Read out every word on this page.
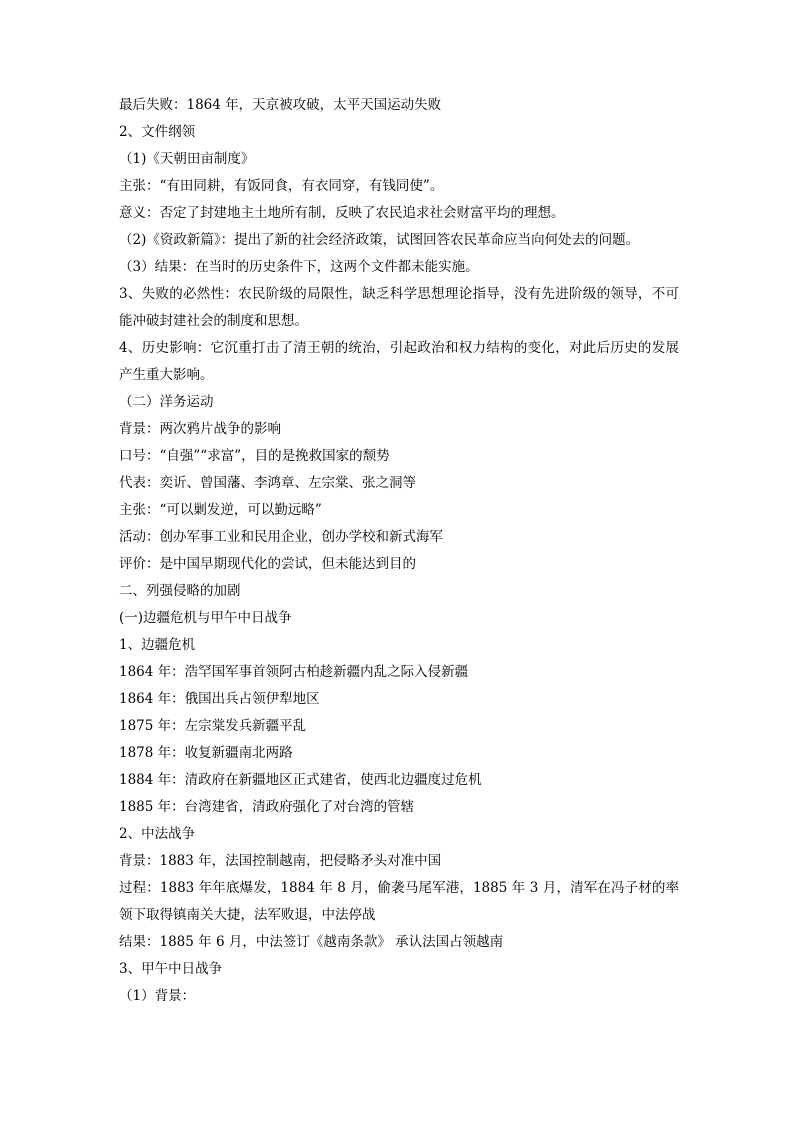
最后失败：1864 年，天京被攻破，太平天国运动失败
2、文件纲领
（1)《天朝田亩制度》
主张：“有田同耕，有饭同食，有衣同穿，有钱同使”。
意义：否定了封建地主土地所有制，反映了农民追求社会财富平均的理想。
（2)《资政新篇》：提出了新的社会经济政策，试图回答农民革命应当向何处去的问题。
（3）结果：在当时的历史条件下，这两个文件都未能实施。
3、失败的必然性：农民阶级的局限性，缺乏科学思想理论指导，没有先进阶级的领导，不可能冲破封建社会的制度和思想。
4、历史影响：它沉重打击了清王朝的统治，引起政治和权力结构的变化，对此后历史的发展产生重大影响。
（二）洋务运动
背景：两次鸦片战争的影响
口号：“自强”“求富”，目的是挽救国家的颓势
代表：奕䜣、曾国藩、李鸿章、左宗棠、张之洞等
主张：“可以剿发逆，可以勤远略”
活动：创办军事工业和民用企业，创办学校和新式海军
评价：是中国早期现代化的尝试，但未能达到目的
二、列强侵略的加剧
(一)边疆危机与甲午中日战争
1、边疆危机
1864 年：浩罕国军事首领阿古柏趁新疆内乱之际入侵新疆
1864 年：俄国出兵占领伊犁地区
1875 年：左宗棠发兵新疆平乱
1878 年：收复新疆南北两路
1884 年：清政府在新疆地区正式建省，使西北边疆度过危机
1885 年：台湾建省，清政府强化了对台湾的管辖
2、中法战争
背景：1883 年，法国控制越南，把侵略矛头对准中国
过程：1883 年年底爆发，1884 年 8 月，偷袭马尾军港，1885 年 3 月，清军在冯子材的率领下取得镇南关大捷，法军败退，中法停战
结果：1885 年 6 月，中法签订《越南条款》 承认法国占领越南
3、甲午中日战争
（1）背景：
